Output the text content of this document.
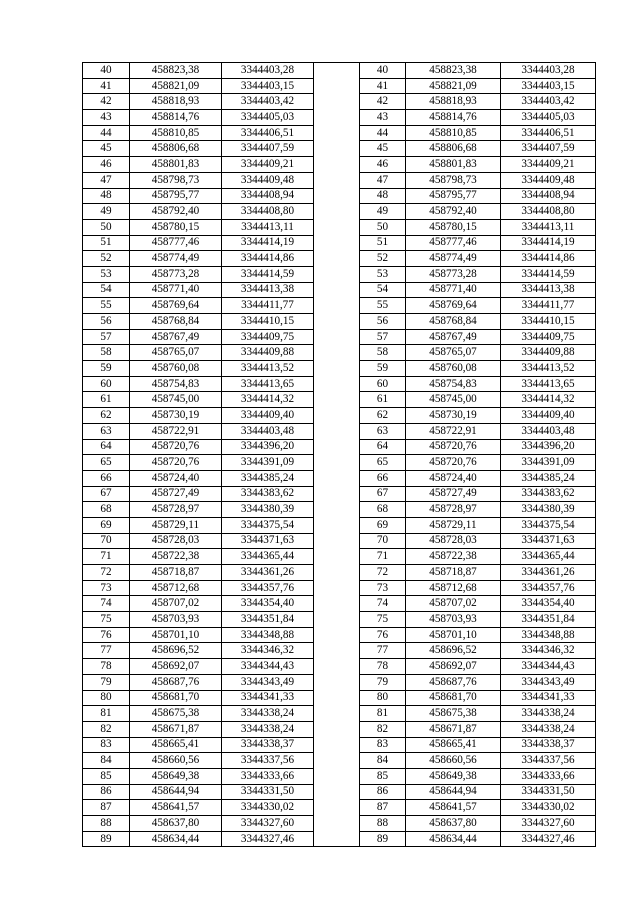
40	458823,38	3344403,28		40	458823,38	3344403,28
41	458821,09	3344403,15		41	458821,09	3344403,15
42	458818,93	3344403,42		42	458818,93	3344403,42
43	458814,76	3344405,03		43	458814,76	3344405,03
44	458810,85	3344406,51		44	458810,85	3344406,51
45	458806,68	3344407,59		45	458806,68	3344407,59
46	458801,83	3344409,21		46	458801,83	3344409,21
47	458798,73	3344409,48		47	458798,73	3344409,48
48	458795,77	3344408,94		48	458795,77	3344408,94
49	458792,40	3344408,80		49	458792,40	3344408,80
50	458780,15	3344413,11		50	458780,15	3344413,11
51	458777,46	3344414,19		51	458777,46	3344414,19
52	458774,49	3344414,86		52	458774,49	3344414,86
53	458773,28	3344414,59		53	458773,28	3344414,59
54	458771,40	3344413,38		54	458771,40	3344413,38
55	458769,64	3344411,77		55	458769,64	3344411,77
56	458768,84	3344410,15		56	458768,84	3344410,15
57	458767,49	3344409,75		57	458767,49	3344409,75
58	458765,07	3344409,88		58	458765,07	3344409,88
59	458760,08	3344413,52		59	458760,08	3344413,52
60	458754,83	3344413,65		60	458754,83	3344413,65
61	458745,00	3344414,32		61	458745,00	3344414,32
62	458730,19	3344409,40		62	458730,19	3344409,40
63	458722,91	3344403,48		63	458722,91	3344403,48
64	458720,76	3344396,20		64	458720,76	3344396,20
65	458720,76	3344391,09		65	458720,76	3344391,09
66	458724,40	3344385,24		66	458724,40	3344385,24
67	458727,49	3344383,62		67	458727,49	3344383,62
68	458728,97	3344380,39		68	458728,97	3344380,39
69	458729,11	3344375,54		69	458729,11	3344375,54
70	458728,03	3344371,63		70	458728,03	3344371,63
71	458722,38	3344365,44		71	458722,38	3344365,44
72	458718,87	3344361,26		72	458718,87	3344361,26
73	458712,68	3344357,76		73	458712,68	3344357,76
74	458707,02	3344354,40		74	458707,02	3344354,40
75	458703,93	3344351,84		75	458703,93	3344351,84
76	458701,10	3344348,88		76	458701,10	3344348,88
77	458696,52	3344346,32		77	458696,52	3344346,32
78	458692,07	3344344,43		78	458692,07	3344344,43
79	458687,76	3344343,49		79	458687,76	3344343,49
80	458681,70	3344341,33		80	458681,70	3344341,33
81	458675,38	3344338,24		81	458675,38	3344338,24
82	458671,87	3344338,24		82	458671,87	3344338,24
83	458665,41	3344338,37		83	458665,41	3344338,37
84	458660,56	3344337,56		84	458660,56	3344337,56
85	458649,38	3344333,66		85	458649,38	3344333,66
86	458644,94	3344331,50		86	458644,94	3344331,50
87	458641,57	3344330,02		87	458641,57	3344330,02
88	458637,80	3344327,60		88	458637,80	3344327,60
89	458634,44	3344327,46		89	458634,44	3344327,46
